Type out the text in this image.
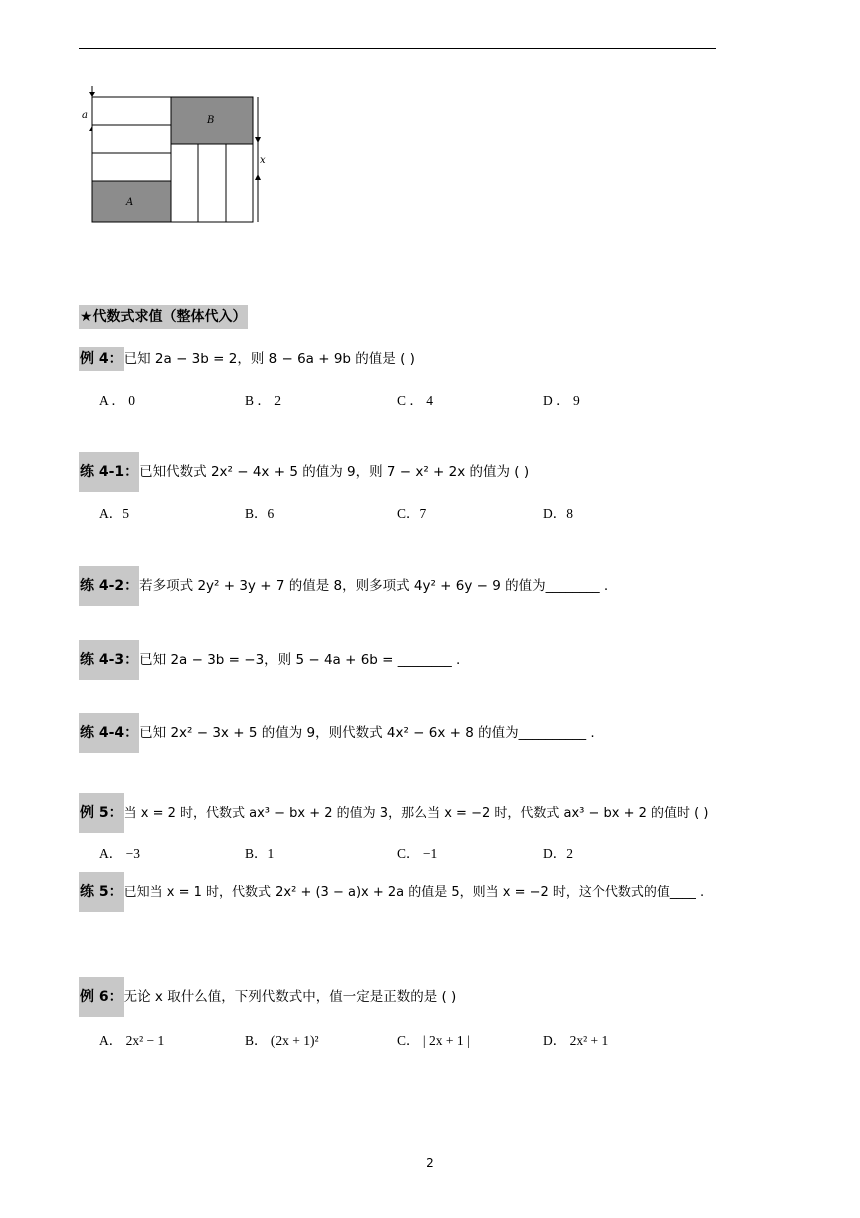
a
A
B
x
★代数式求值（整体代入）
例 4：已知 2a − 3b = 2，则 8 − 6a + 9b 的值是 ( )
A ． 0	B ． 2	C ． 4	D ． 9
练 4-1：已知代数式 2x² − 4x + 5 的值为 9，则 7 − x² + 2x 的值为 ( )
A．5	B．6	C．7	D．8
练 4-2：若多项式 2y² + 3y + 7 的值是 8，则多项式 4y² + 6y − 9 的值为________ .
练 4-3：已知 2a − 3b = −3，则 5 − 4a + 6b = ________ .
练 4-4：已知 2x² − 3x + 5 的值为 9，则代数式 4x² − 6x + 8 的值为__________ .
例 5：当 x = 2 时，代数式 ax³ − bx + 2 的值为 3，那么当 x = −2 时，代数式 ax³ − bx + 2 的值时 ( )
A． −3	B．1	C． −1	D．2
练 5：已知当 x = 1 时，代数式 2x² + (3 − a)x + 2a 的值是 5，则当 x = −2 时，这个代数式的值____ .
例 6：无论 x 取什么值，下列代数式中，值一定是正数的是 ( )
A． 2x² − 1	B． (2x + 1)²	C． | 2x + 1 |	D． 2x² + 1
2
